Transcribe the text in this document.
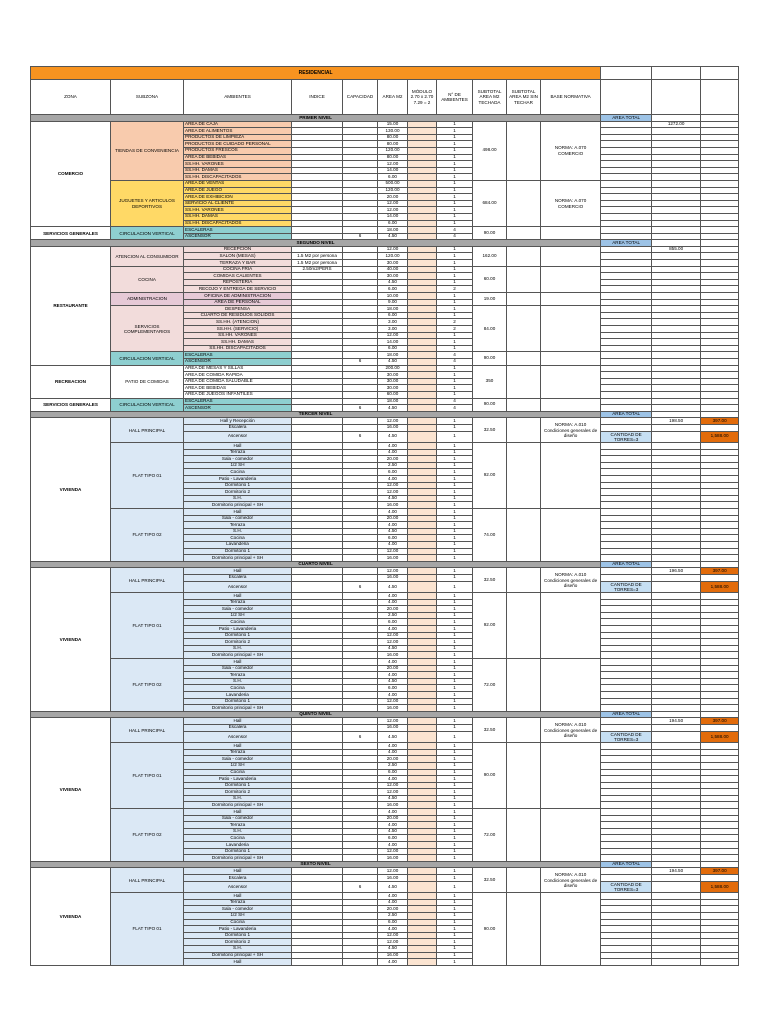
RESIDENCIAL													
ZONA	SUBZONA	AMBIENTES	INDICE	CAPACIDAD	AREA M2	MÓDULO 2.70 x 2.70 7.29 = 2	N° DE AMBIENTES	SUBTOTAL AREA M2 TECHADA	SUBTOTAL AREA M2 SIN TECHAR	BASE NORMATIVA			
PRIMER NIVEL											AREA TOTAL		
COMERCIO	TIENDAS DE CONVENIENCIA	AREA DE CAJA			15.00		1	498.00		NORMA: A.070 COMERCIO		1272.00	
		AREA DE ALIMENTOS			130.00		1						
		PRODUCTOS DE LIMPIEZA			80.00		1						
		PRODUCTOS DE CUIDADO PERSONAL			80.00		1						
		PRODUCTOS FRESCOS			120.00		1						
		AREA DE BEBIDAS			80.00		1						
		SS.HH. VARONES			12.00		1						
		SS.HH. DAMAS			14.00		1						
		SS.HH. DISCAPACITADOS			6.00		1						
	JUGUETES Y ARTICULOS DEPORTIVOS	AREA DE VENTAS			500.00		1	684.00		NORMA: A.070 COMERCIO			
		AREA DE JUEGO			120.00		1						
		AREA DE EXHIBICION			20.00		1						
		SERVICIO AL CLIENTE			12.00		1						
		SS.HH. VARONES			12.00		1						
		SS.HH. DAMAS			14.00		1						
		SS.HH. DISCAPACITADOS			6.00		1						
SERVICIOS GENERALES	CIRCULACION VERTICAL	ESCALERAS			18.00		4	90.00					
		ASCENSOR		6	4.50		4						
SEGUNDO NIVEL											AREA TOTAL		
RESTAURANTE	ATENCION AL CONSUMIDOR	RECEPCION			12.00		1	162.00				855.00	
		SALON (MESAS)	1.5 M2 por persona		120.00		1						
		TERRAZA Y BAR	1.5 M2 por persona		30.00		1						
	COCINA	COCINA FRIA	2.50m2/PERS		40.00		1	60.00					
		COMIDAS CALIENTES			30.00		1						
		REPOSTERIA			4.50		1						
		RECOJO Y ENTREGA DE SERVICIO			6.00		2						
	ADMINISTRACION	OFICINA DE ADMINISTRACION			10.00		1	19.00					
		AREA DE PERSONAL			9.00		1						
	SERVICIOS COMPLEMENTARIOS	DESPENSA			18.00		1	84.00					
		CUARTO DE RESIDUOS SOLIDOS			6.00		1						
		SS.HH. (ATENCION)			3.00		2						
		SS.HH. (SERVICIO)			3.00		2						
		SS.HH. VARONES			12.00		1						
		SS.HH. DAMAS			14.00		1						
		SS.HH. DISCAPACITADOS			6.00		1						
	CIRCULACION VERTICAL	ESCALERAS			18.00		4	90.00					
		ASCENSOR		6	4.50		4						
RECREACION	PATIO DE COMIDAS	AREA DE MESAS Y SILLAS			200.00		1	350					
		AREA DE COMIDA RAPIDA			30.00		1						
		AREA DE COMIDA SALUDABLE			30.00		1						
		AREA DE BEBIDAS			30.00		1						
		AREA DE JUEGOS INFANTILES			60.00		1						
SERVICIOS GENERALES	CIRCULACION VERTICAL	ESCALERAS			18.00		4	90.00					
		ASCENSOR		6	4.50		4						
TERCER NIVEL											AREA TOTAL		
VIVIENDA	HALL PRINCIPAL	Hall y Recepción			12.00		1	32.50		NORMA: A.010 Condiciones generales de diseño		198.50	397.00
		Escalera			16.00		1						
		Ascensor		6	4.50		1				CANTIDAD DE TORRES=3		1,588.00
	FLAT TIPO 01	Hall			4.00		1	92.00					
		Terraza			4.00		1						
		Sala - comedor			20.00		1						
		1/2 SH			2.50		1						
		Cocina			6.00		1						
		Patio - Lavanderia			4.00		1						
		Dormitorio 1			12.00		1						
		Dormitorio 2			12.00		1						
		S.H.			4.50		1						
		Dormitorio principal + SH			16.00		1						
	FLAT TIPO 02	Hall			4.00		1	74.00					
		Sala - comedor			20.00		1						
		Terraza			4.00		1						
		S.H.			4.50		1						
		Cocina			6.00		1						
		Lavanderia			4.00		1						
		Dormitorio 1			12.00		1						
		Dormitorio principal + SH			16.00		1						
CUARTO NIVEL											AREA TOTAL		
VIVIENDA	HALL PRINCIPAL	Hall			12.00		1	32.50		NORMA: A.010 Condiciones generales de diseño		196.50	397.00
		Escalera			16.00		1						
		Ascensor		6	4.50		1				CANTIDAD DE TORRES=3		1,588.00
	FLAT TIPO 01	Hall			4.00		1	92.00					
		Terraza			4.00		1						
		Sala - comedor			20.00		1						
		1/2 SH			2.50		1						
		Cocina			6.00		1						
		Patio - Lavanderia			4.00		1						
		Dormitorio 1			12.00		1						
		Dormitorio 2			12.00		1						
		S.H.			4.50		1						
		Dormitorio principal + SH			16.00		1						
	FLAT TIPO 02	Hall			4.00		1	72.00					
		Sala - comedor			20.00		1						
		Terraza			4.00		1						
		S.H.			4.50		1						
		Cocina			6.00		1						
		Lavanderia			4.00		1						
		Dormitorio 1			12.00		1						
		Dormitorio principal + SH			16.00		1						
QUINTO NIVEL											AREA TOTAL		
VIVIENDA	HALL PRINCIPAL	Hall			12.00		1	32.50		NORMA: A.010 Condiciones generales de diseño		194.50	397.00
		Escalera			16.00		1						
		Ascensor		6	4.50		1				CANTIDAD DE TORRES=3		1,588.00
	FLAT TIPO 01	Hall			4.00		1	90.00					
		Terraza			4.00		1						
		Sala - comedor			20.00		1						
		1/2 SH			2.50		1						
		Cocina			6.00		1						
		Patio - Lavanderia			4.00		1						
		Dormitorio 1			12.00		1						
		Dormitorio 2			12.00		1						
		S.H.			4.50		1						
		Dormitorio principal + SH			16.00		1						
	FLAT TIPO 02	Hall			4.00		1	72.00					
		Sala - comedor			20.00		1						
		Terraza			4.00		1						
		S.H.			4.50		1						
		Cocina			6.00		1						
		Lavanderia			4.00		1						
		Dormitorio 1			12.00		1						
		Dormitorio principal + SH			16.00		1						
SEXTO NIVEL											AREA TOTAL		
VIVIENDA	HALL PRINCIPAL	Hall			12.00		1	32.50		NORMA: A.010 Condiciones generales de diseño		194.50	397.00
		Escalera			16.00		1						
		Ascensor		6	4.50		1				CANTIDAD DE TORRES=3		1,588.00
	FLAT TIPO 01	Hall			4.00		1	90.00					
		Terraza			4.00		1						
		Sala - comedor			20.00		1						
		1/2 SH			2.50		1						
		Cocina			6.00		1						
		Patio - Lavanderia			4.00		1						
		Dormitorio 1			12.00		1						
		Dormitorio 2			12.00		1						
		S.H.			4.50		1						
		Dormitorio principal + SH			16.00		1						
		Hall			4.00		1						
